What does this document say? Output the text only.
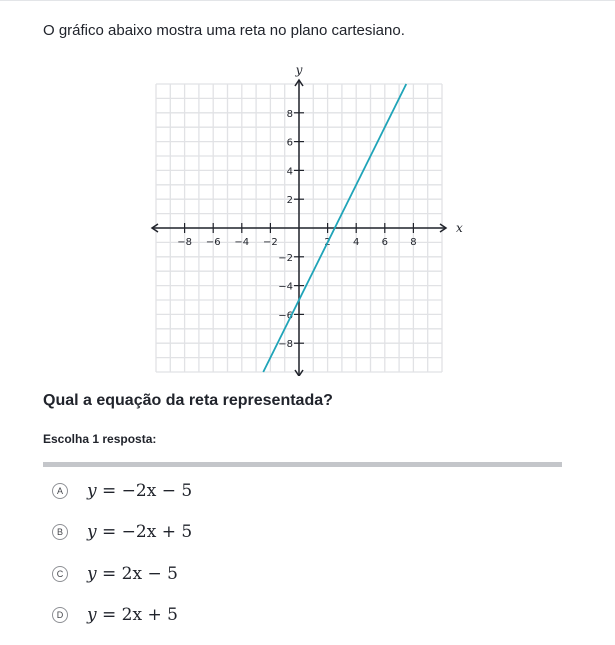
O gráfico abaixo mostra uma reta no plano cartesiano.
x
y
−8 −6 −4 −2	2 4 6 8
8
6
4
2
−2
−4
−6
−8
Qual a equação da reta representada?
Escolha 1 resposta:
A y = −2x − 5
B y = −2x + 5
C y = 2x − 5
D y = 2x + 5
